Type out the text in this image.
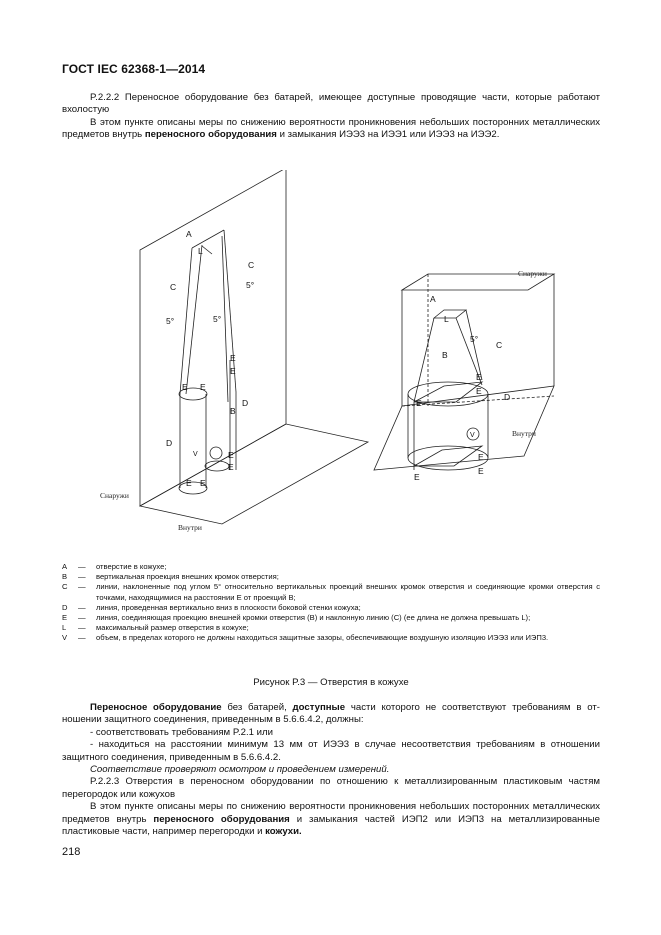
ГОСТ IEC 62368-1—2014

P.2.2.2 Переносное оборудование без батарей, имеющее доступные проводящие части, которые работают вхолостую

В этом пункте описаны меры по снижению вероятности проникновения небольших посторонних металлических предметов внутрь переносного оборудования и замыкания ИЭЭ3 на ИЭЭ1 или ИЭЭ3 на ИЭЭ2.

A
L
C
C	5°
5°	5°
E
E
E E
B
D
D
V	E
E
E E
Снаружи
Внутри
Снаружи
A
L
B
5°
C
E
E
E
D
V	Внутри
E
E
E
A	—	отверстие в кожухе;
B	—	вертикальная проекция внешних кромок отверстия;
C	—	линии, наклоненные под углом 5° относительно вертикальных проекций внешних кромок отверстия и соединяющие кромки отверстия с точками, находящимися на расстоянии E от проекций B;
D	—	линия, проведенная вертикально вниз в плоскости боковой стенки кожуха;
E	—	линия, соединяющая проекцию внешней кромки отверстия (B) и наклонную линию (C) (ее длина не должна превышать L);
L	—	максимальный размер отверстия в кожухе;
V	—	объем, в пределах которого не должны находиться защитные зазоры, обеспечивающие воздушную изоляцию ИЭЭ3 или ИЭП3.
Рисунок P.3 — Отверстия в кожухе

Переносное оборудование без батарей, доступные части которого не соответствуют требованиям в отношении защитного соединения, приведенным в 5.6.6.4.2, должны:

- соответствовать требованиям P.2.1 или

- находиться на расстоянии минимум 13 мм от ИЭЭ3 в случае несоответствия требованиям в отношении защитного соединения, приведенным в 5.6.6.4.2.

Соответствие проверяют осмотром и проведением измерений.

P.2.2.3 Отверстия в переносном оборудовании по отношению к металлизированным пластиковым частям перегородок или кожухов

В этом пункте описаны меры по снижению вероятности проникновения небольших посторонних металлических предметов внутрь переносного оборудования и замыкания частей ИЭП2 или ИЭП3 на металлизированные пластиковые части, например перегородки и кожухи.

218
